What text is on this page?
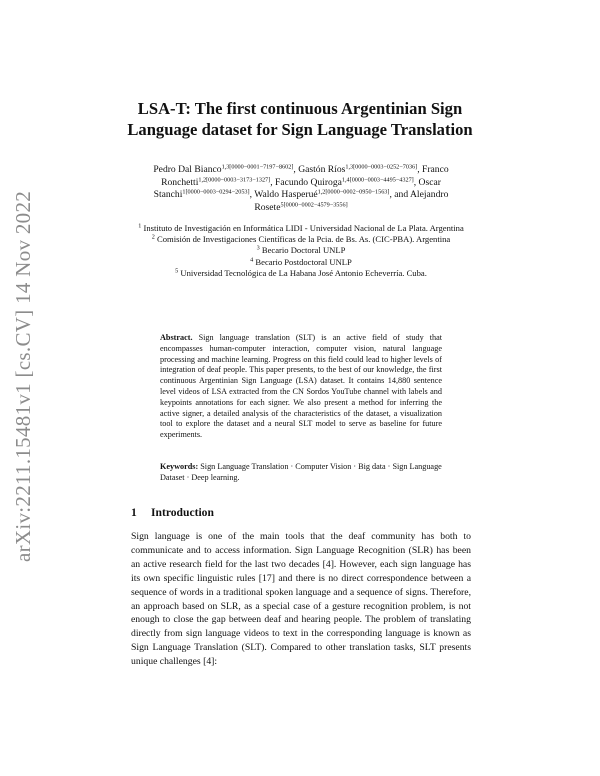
arXiv:2211.15481v1 [cs.CV] 14 Nov 2022
LSA-T: The first continuous Argentinian Sign Language dataset for Sign Language Translation
Pedro Dal Bianco$^{1,3[0000-0001-7197-8602]}$, Gastón Ríos$^{1,3[0000-0003-0252-7036]}$, Franco Ronchetti$^{1,2[0000-0003-3173-1327]}$, Facundo Quiroga$^{1,4[0000-0003-4495-4327]}$, Oscar Stanchi$^{1[0000-0003-0294-2053]}$, Waldo Hasperué$^{1,2[0000-0002-0950-1563]}$, and Alejandro Rosete$^{5[0000-0002-4579-3556]}$
$^1$ Instituto de Investigación en Informática LIDI - Universidad Nacional de La Plata. Argentina
$^2$ Comisión de Investigaciones Científicas de la Pcia. de Bs. As. (CIC-PBA). Argentina
$^3$ Becario Doctoral UNLP
$^4$ Becario Postdoctoral UNLP
$^5$ Universidad Tecnológica de La Habana José Antonio Echeverría. Cuba.
Abstract. Sign language translation (SLT) is an active field of study that encompasses human-computer interaction, computer vision, natural language processing and machine learning. Progress on this field could lead to higher levels of integration of deaf people. This paper presents, to the best of our knowledge, the first continuous Argentinian Sign Language (LSA) dataset. It contains 14,880 sentence level videos of LSA extracted from the CN Sordos YouTube channel with labels and keypoints annotations for each signer. We also present a method for inferring the active signer, a detailed analysis of the characteristics of the dataset, a visualization tool to explore the dataset and a neural SLT model to serve as baseline for future experiments.
Keywords: Sign Language Translation · Computer Vision · Big data · Sign Language Dataset · Deep learning.
1 Introduction
Sign language is one of the main tools that the deaf community has both to communicate and to access information. Sign Language Recognition (SLR) has been an active research field for the last two decades [4]. However, each sign language has its own specific linguistic rules [17] and there is no direct correspondence between a sequence of words in a traditional spoken language and a sequence of signs. Therefore, an approach based on SLR, as a special case of a gesture recognition problem, is not enough to close the gap between deaf and hearing people. The problem of translating directly from sign language videos to text in the corresponding language is known as Sign Language Translation (SLT). Compared to other translation tasks, SLT presents unique challenges [4]:
